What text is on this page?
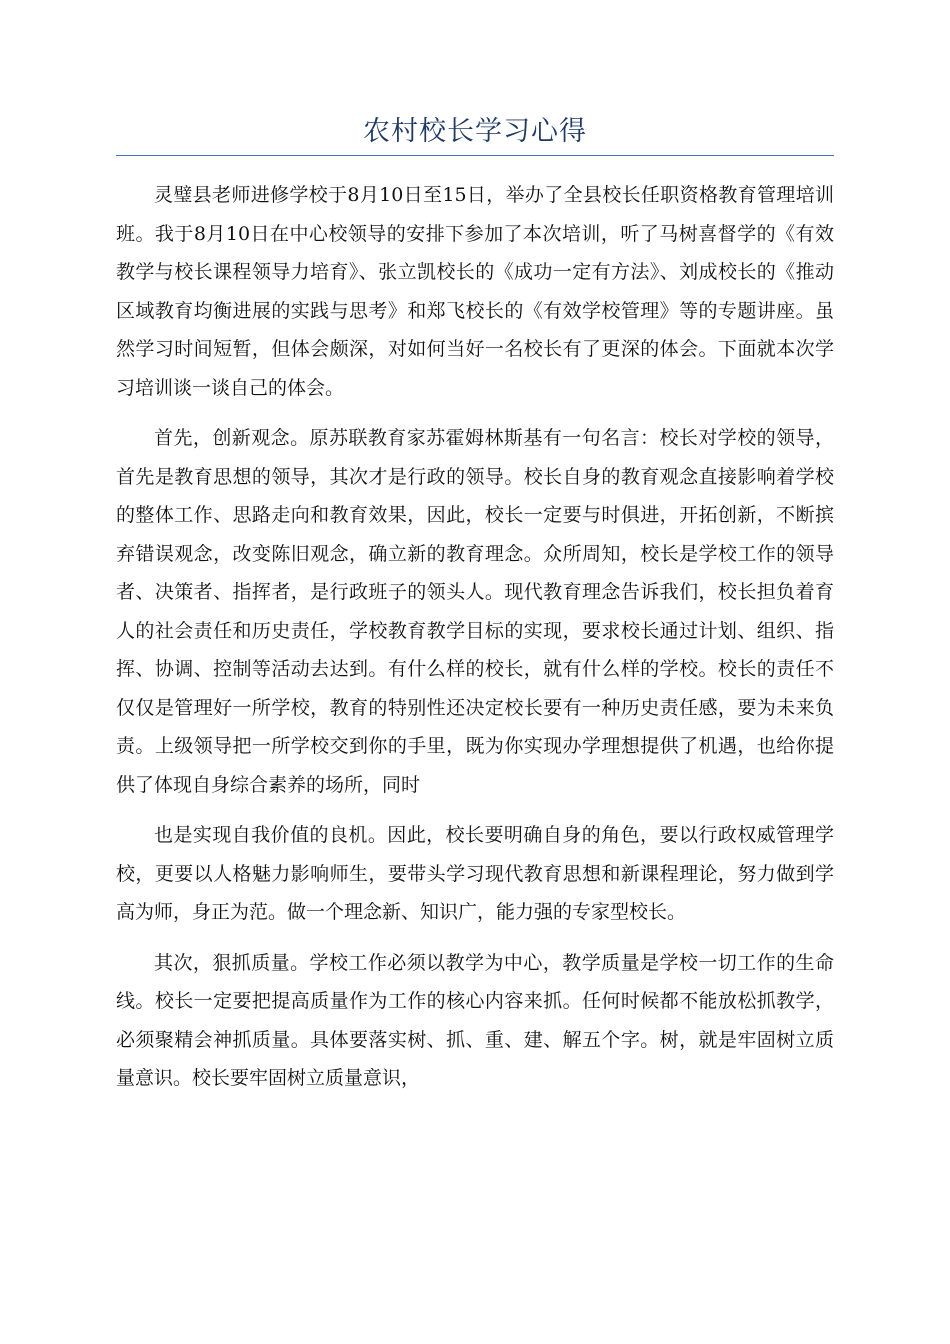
农村校长学习心得

灵璧县老师进修学校于8月10日至15日，举办了全县校长任职资格教育管理培训班。我于8月10日在中心校领导的安排下参加了本次培训，听了马树喜督学的《有效教学与校长课程领导力培育》、张立凯校长的《成功一定有方法》、刘成校长的《推动区域教育均衡进展的实践与思考》和郑飞校长的《有效学校管理》等的专题讲座。虽然学习时间短暂，但体会颇深，对如何当好一名校长有了更深的体会。下面就本次学习培训谈一谈自己的体会。

首先，创新观念。原苏联教育家苏霍姆林斯基有一句名言：校长对学校的领导，首先是教育思想的领导，其次才是行政的领导。校长自身的教育观念直接影响着学校的整体工作、思路走向和教育效果，因此，校长一定要与时俱进，开拓创新，不断摈弃错误观念，改变陈旧观念，确立新的教育理念。众所周知，校长是学校工作的领导者、决策者、指挥者，是行政班子的领头人。现代教育理念告诉我们，校长担负着育人的社会责任和历史责任，学校教育教学目标的实现，要求校长通过计划、组织、指挥、协调、控制等活动去达到。有什么样的校长，就有什么样的学校。校长的责任不仅仅是管理好一所学校，教育的特别性还决定校长要有一种历史责任感，要为未来负责。上级领导把一所学校交到你的手里，既为你实现办学理想提供了机遇，也给你提供了体现自身综合素养的场所，同时

也是实现自我价值的良机。因此，校长要明确自身的角色，要以行政权威管理学校，更要以人格魅力影响师生，要带头学习现代教育思想和新课程理论，努力做到学高为师，身正为范。做一个理念新、知识广，能力强的专家型校长。

其次，狠抓质量。学校工作必须以教学为中心，教学质量是学校一切工作的生命线。校长一定要把提高质量作为工作的核心内容来抓。任何时候都不能放松抓教学，必须聚精会神抓质量。具体要落实树、抓、重、建、解五个字。树，就是牢固树立质量意识。校长要牢固树立质量意识，
